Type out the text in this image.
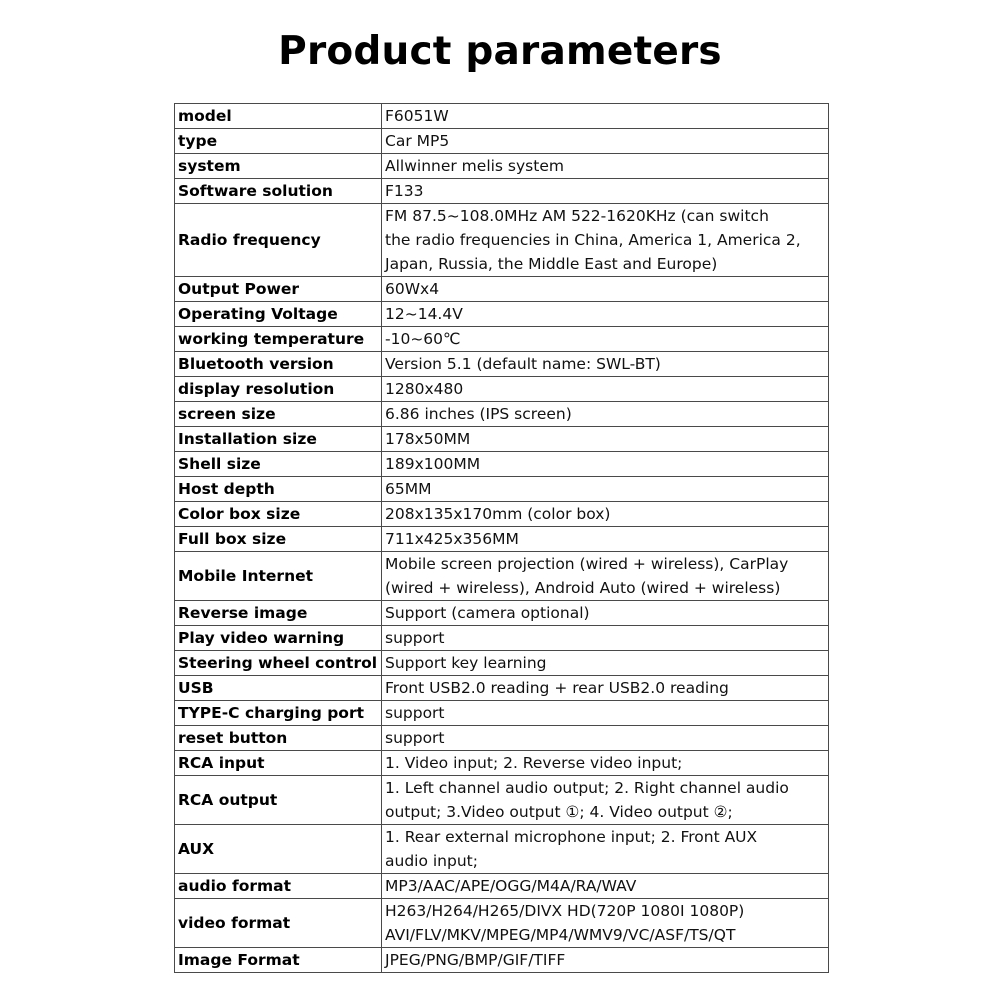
Product parameters
model	F6051W

type	Car MP5

system	Allwinner melis system

Software solution	F133

Radio frequency	FM 87.5~108.0MHz AM 522-1620KHz (can switch
the radio frequencies in China, America 1, America 2,
Japan, Russia, the Middle East and Europe)

Output Power	60Wx4

Operating Voltage	12~14.4V

working temperature	-10~60℃

Bluetooth version	Version 5.1 (default name: SWL-BT)

display resolution	1280x480

screen size	6.86 inches (IPS screen)

Installation size	178x50MM

Shell size	189x100MM

Host depth	65MM

Color box size	208x135x170mm (color box)

Full box size	711x425x356MM

Mobile Internet	Mobile screen projection (wired + wireless), CarPlay
(wired + wireless), Android Auto (wired + wireless)

Reverse image	Support (camera optional)

Play video warning	support

Steering wheel control	Support key learning

USB	Front USB2.0 reading + rear USB2.0 reading

TYPE-C charging port	support

reset button	support

RCA input	1. Video input; 2. Reverse video input;

RCA output	1. Left channel audio output; 2. Right channel audio
output; 3.Video output ①; 4. Video output ②;

AUX	1. Rear external microphone input; 2. Front AUX
audio input;

audio format	MP3/AAC/APE/OGG/M4A/RA/WAV

video format	H263/H264/H265/DIVX HD(720P 1080I 1080P)
AVI/FLV/MKV/MPEG/MP4/WMV9/VC/ASF/TS/QT

Image Format	JPEG/PNG/BMP/GIF/TIFF
